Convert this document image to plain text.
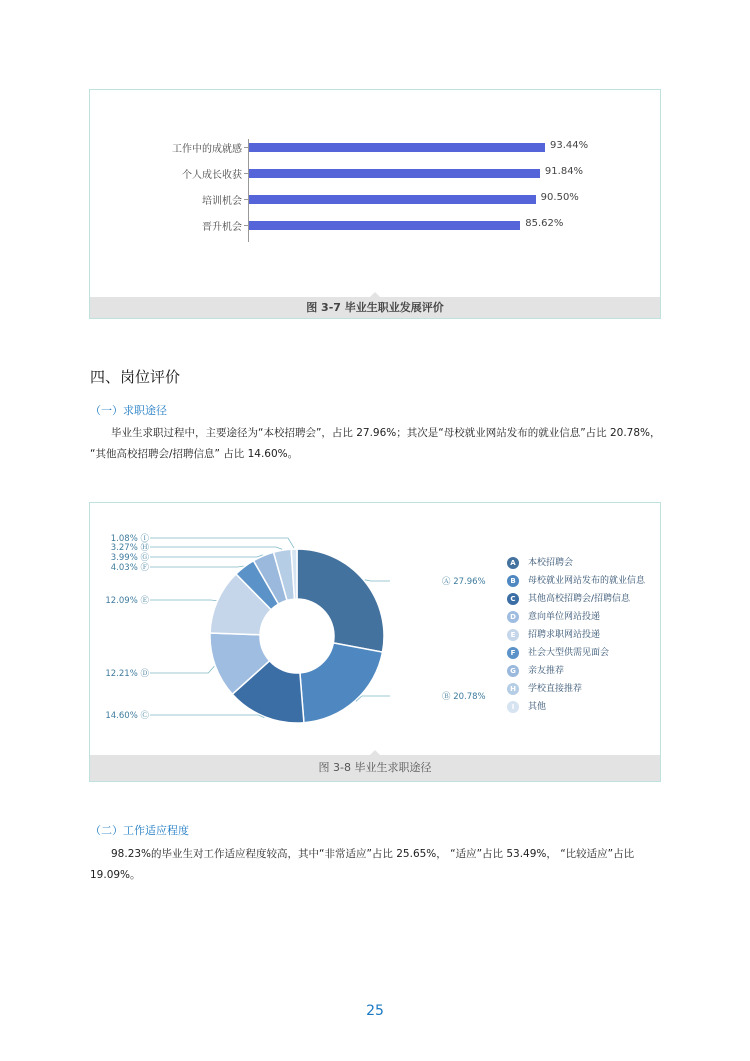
工作中的成就感	93.44%
个人成长收获	91.84%
培训机会	90.50%
晋升机会	85.62%
图 3-7 毕业生职业发展评价
四、岗位评价
（一）求职途径
毕业生求职过程中，主要途径为“本校招聘会”，占比 27.96%；其次是“母校就业网站发布的就业信息”占比 20.78%，
“其他高校招聘会/招聘信息” 占比 14.60%。
Ⓐ 27.96%
Ⓑ 20.78%
14.60% Ⓒ
12.21% Ⓓ
12.09% Ⓔ
4.03% Ⓕ
3.99% Ⓖ
3.27% Ⓗ
1.08% Ⓘ
A	本校招聘会
B	母校就业网站发布的就业信息
C	其他高校招聘会/招聘信息
D	意向单位网站投递
E	招聘求职网站投递
F	社会大型供需见面会
G	亲友推荐
H	学校直接推荐
I	其他
图 3-8 毕业生求职途径
（二）工作适应程度
98.23%的毕业生对工作适应程度较高，其中“非常适应”占比 25.65%， “适应”占比 53.49%， “比较适应”占比
19.09%。
25
